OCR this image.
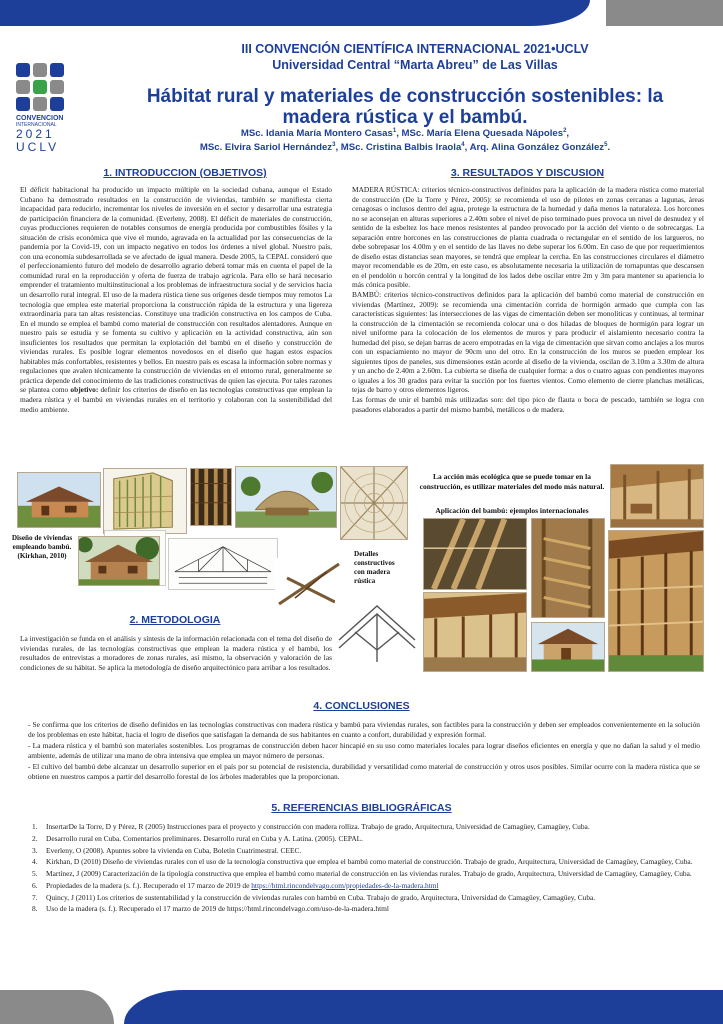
CONVENCION
INTERNACIONAL
2021
UCLV
III CONVENCIÓN CIENTÍFICA INTERNACIONAL 2021•UCLV
Universidad Central “Marta Abreu” de Las Villas
Hábitat rural y materiales de construcción sostenibles: la
madera rústica y el bambú.
MSc. Idania María Montero Casas$^1$, MSc. María Elena Quesada Nápoles$^2$,
MSc. Elvira Sariol Hernández$^3$, MSc. Cristina Balbis Iraola$^4$, Arq. Alina González González$^5$.
1. INTRODUCCION (OBJETIVOS)
El déficit habitacional ha producido un impacto múltiple en la sociedad cubana, aunque el Estado Cubano ha demostrado resultados en la construcción de viviendas, también se manifiesta cierta incapacidad para reducirlo, incrementar los niveles de inversión en el sector y desarrollar una estrategia de participación financiera de la comunidad. (Everleny, 2008). El déficit de materiales de construcción, cuyas producciones requieren de notables consumos de energía producida por combustibles fósiles y la situación de crisis económica que vive el mundo, agravada en la actualidad por las consecuencias de la pandemia por la Covid-19, con un impacto negativo en todos los órdenes a nivel global. Nuestro país, con una economía subdesarrollada se ve afectado de igual manera. Desde 2005, la CEPAL consideró que el perfeccionamiento futuro del modelo de desarrollo agrario deberá tomar más en cuenta el papel de la comunidad rural en la reproducción y oferta de fuerza de trabajo agrícola. Para ello se hará necesario emprender el tratamiento multiinstitucional a los problemas de infraestructura social y de servicios hacia un desarrollo rural integral. El uso de la madera rústica tiene sus orígenes desde tiempos muy remotos La tecnología que emplea este material proporciona la construcción rápida de la estructura y una ligereza extraordinaria para tan altas resistencias. Constituye una tradición constructiva en los campos de Cuba. En el mundo se emplea el bambú como material de construcción con resultados alentadores. Aunque en nuestro país se estudia y se fomenta su cultivo y aplicación en la actividad constructiva, aún son insuficientes los resultados que permitan la explotación del bambú en el diseño y construcción de viviendas rurales. Es posible lograr elementos novedosos en el diseño que hagan estos espacios habitables más confortables, resistentes y bellos. En nuestro país es escasa la información sobre normas y regulaciones que avalen técnicamente la construcción de viviendas en el entorno rural, generalmente se práctica depende del conocimiento de las tradiciones constructivas de quien las ejecuta. Por tales razones se plantea como objetivo: definir los criterios de diseño en las tecnologías constructivas que emplean la madera rústica y el bambú en viviendas rurales en el territorio y colaboran con la sostenibilidad del medio ambiente.
3. RESULTADOS Y DISCUSION

MADERA RÚSTICA: criterios técnico-constructivos definidos para la aplicación de la madera rústica como material de construcción (De la Torre y Pérez, 2005): se recomienda el uso de pilotes en zonas cercanas a lagunas, áreas cenagosas o inclusos dentro del agua, protege la estructura de la humedad y daña menos la naturaleza. Los horcones no se aconsejan en alturas superiores a 2.40m sobre el nivel de piso terminado pues provoca un nivel de desnudez y el sentido de la esbeltez los hace menos resistentes al pandeo provocado por la acción del viento o de sobrecargas. La separación entre horcones en las construcciones de planta cuadrada o rectangular en el sentido de los largueros, no debe sobrepasar los 4.00m y en el sentido de las llaves no debe superar los 6.00m. En caso de que por requerimientos de diseño estas distancias sean mayores, se tendrá que emplear la cercha. En las construcciones circulares el diámetro mayor recomendable es de 20m, en este caso, es absolutamente necesaria la utilización de tornapuntas que descansen en el pendolón u horcón central y la longitud de los lados debe oscilar entre 2m y 3m para mantener su apariencia lo más cónica posible.

BAMBÚ: criterios técnico-constructivos definidos para la aplicación del bambú como material de construcción en viviendas (Martínez, 2009): se recomienda una cimentación corrida de hormigón armado que cumpla con las características siguientes: las intersecciones de las vigas de cimentación deben ser monolíticas y continuas, al terminar la construcción de la cimentación se recomienda colocar una o dos hiladas de bloques de hormigón para lograr un nivel uniforme para la colocación de los elementos de muros y para producir el aislamiento necesario contra la humedad del piso, se dejan barras de acero empotradas en la viga de cimentación que sirvan como anclajes a los muros con un espaciamiento no mayor de 90cm uno del otro. En la construcción de los muros se pueden emplear los siguientes tipos de paneles, sus dimensiones están acorde al diseño de la vivienda, oscilan de 3.10m a 3.30m de altura y un ancho de 2.40m a 2.60m. La cubierta se diseña de cualquier forma: a dos o cuatro aguas con pendientes mayores o iguales a los 30 grados para evitar la succión por los fuertes vientos. Como elemento de cierre planchas metálicas, tejas de barro y otros elementos ligeros.

Las formas de unir el bambú más utilizadas son: del tipo pico de flauta o boca de pescado, también se logra con pasadores elaborados a partir del mismo bambú, metálicos o de madera.

Diseño de viviendas empleando bambú. (Kirkhan, 2010)	Detalles constructivos con madera rústica
2. METODOLOGIA
La investigación se funda en el análisis y síntesis de la información relacionada con el tema del diseño de viviendas rurales, de las tecnologías constructivas que emplean la madera rústica y el bambú, los resultados de entrevistas a moradores de zonas rurales, así mismo, la observación y valoración de las condiciones de su hábitat. Se aplica la metodología de diseño arquitectónico para arribar a los resultados.
La acción más ecológica que se puede tomar en la construcción, es utilizar materiales del modo más natural.
Aplicación del bambú: ejemplos internacionales
4. CONCLUSIONES

- Se confirma que los criterios de diseño definidos en las tecnologías constructivas con madera rústica y bambú para viviendas rurales, son factibles para la construcción y deben ser empleados convenientemente en la solución de los problemas en este hábitat, hacia el logro de diseños que satisfagan la demanda de sus habitantes en cuanto a confort, durabilidad y expresión formal.

- La madera rústica y el bambú son materiales sostenibles. Los programas de construcción deben hacer hincapié en su uso como materiales locales para lograr diseños eficientes en energía y que no dañan la salud y el medio ambiente, además de utilizar una mano de obra intensiva que emplea un mayor número de personas.

- El cultivo del bambú debe alcanzar un desarrollo superior en el país por su potencial de resistencia, durabilidad y versatilidad como material de construcción y otros usos posibles. Similar ocurre con la madera rústica que se obtiene en nuestros campos a partir del desarrollo forestal de los árboles maderables que la proporcionan.

5. REFERENCIAS BIBLIOGRÁFICAS
1. InsertarDe la Torre, D y Pérez, R (2005) Instrucciones para el proyecto y construcción con madera rolliza. Trabajo de grado, Arquitectura, Universidad de Camagüey, Camagüey, Cuba.
2. Desarrollo rural en Cuba. Comentarios preliminares. Desarrollo rural en Cuba y A. Latina. (2005). CEPAL.
3. Everleny, O (2008). Apuntes sobre la vivienda en Cuba, Boletín Cuatrimestral. CEEC.
4. Kirkhan, D (2010) Diseño de viviendas rurales con el uso de la tecnología constructiva que emplea el bambú como material de construcción. Trabajo de grado, Arquitectura, Universidad de Camagüey, Camagüey, Cuba.
5. Martínez, J (2009) Caracterización de la tipología constructiva que emplea el bambú como material de construcción en las viviendas rurales. Trabajo de grado, Arquitectura, Universidad de Camagüey, Camagüey, Cuba.
6. Propiedades de la madera (s. f.). Recuperado el 17 marzo de 2019 de https://html.rincondelvago.com/propiedades-de-la-madera.html
7. Quincy, J (2011) Los criterios de sustentabilidad y la construcción de viviendas rurales con bambú en Cuba. Trabajo de grado, Arquitectura, Universidad de Camagüey, Camagüey, Cuba.
8. Uso de la madera (s. f.). Recuperado el 17 marzo de 2019 de https://html.rincondelvago.com/uso-de-la-madera.html
